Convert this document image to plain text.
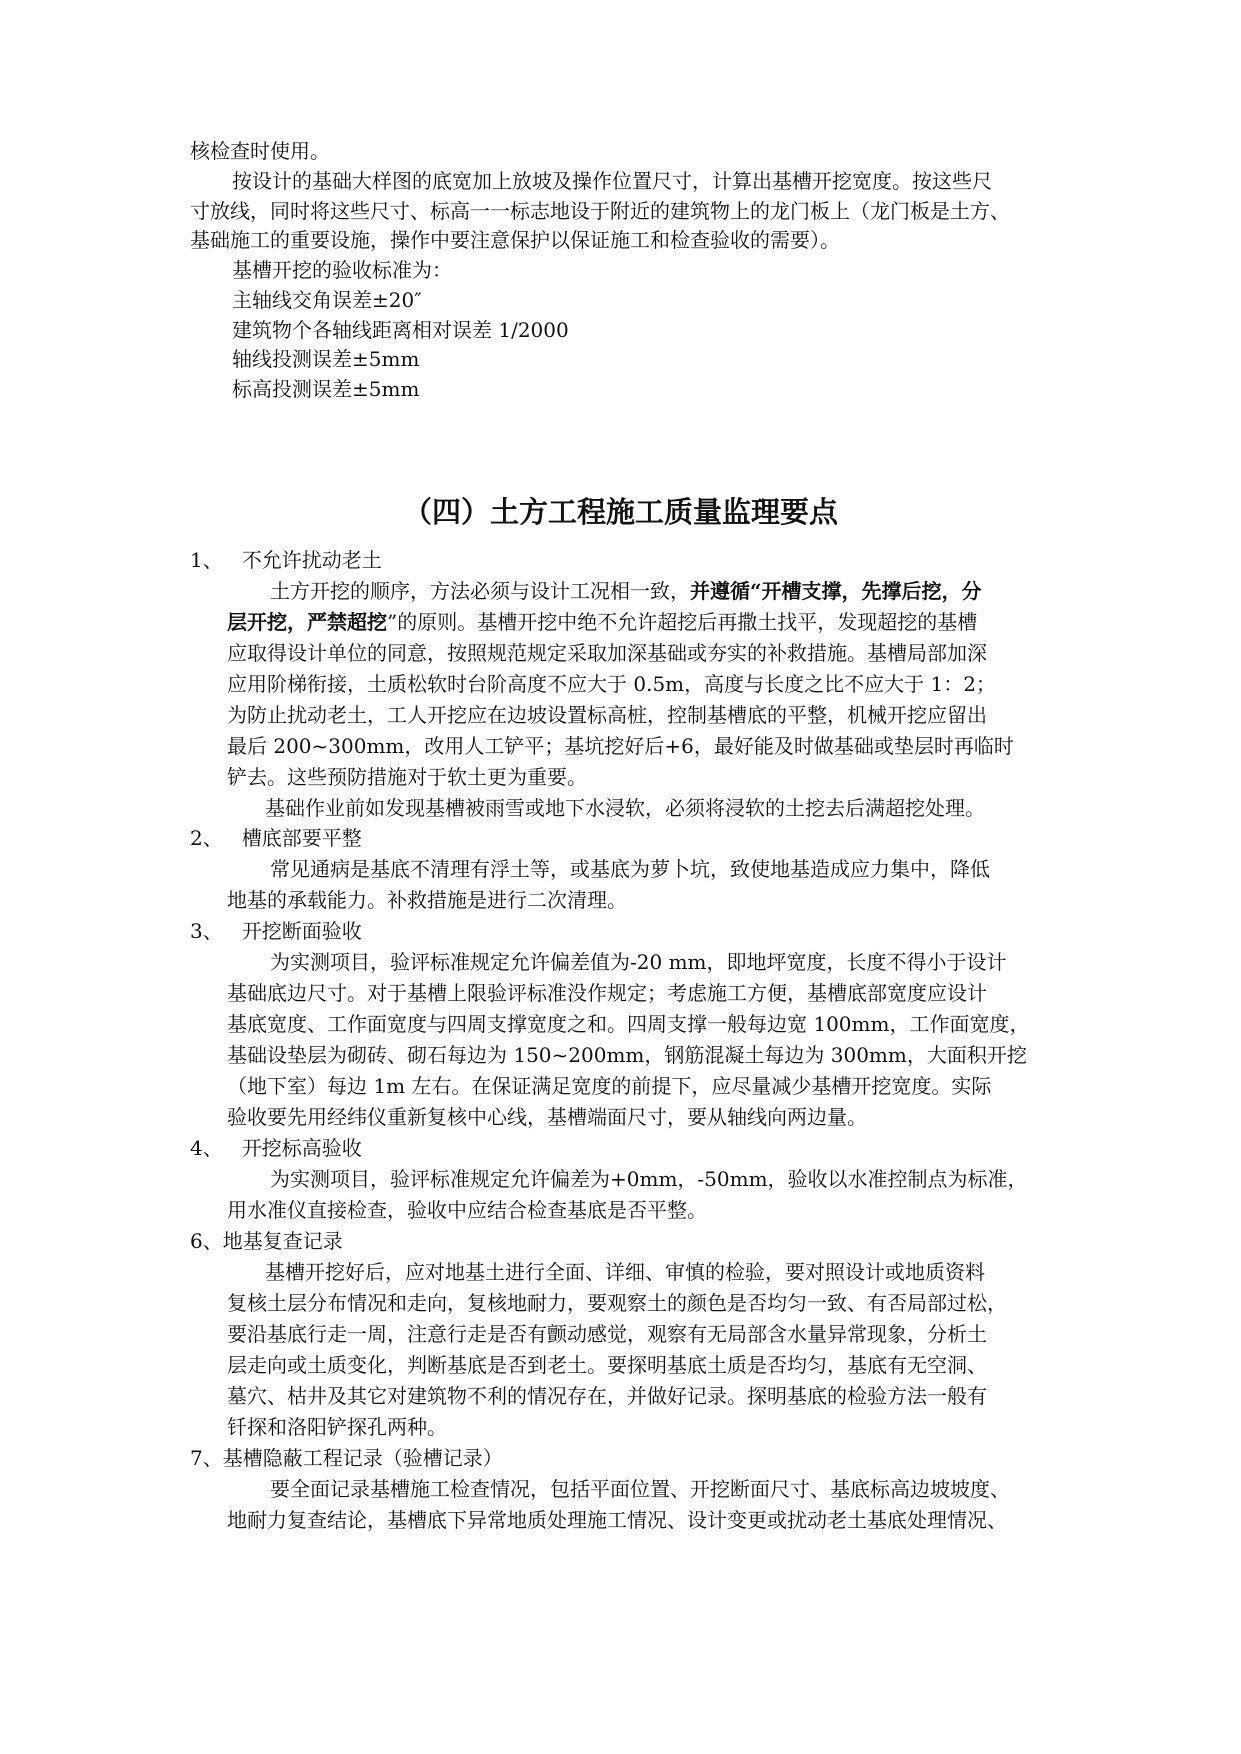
核检查时使用。
按设计的基础大样图的底宽加上放坡及操作位置尺寸，计算出基槽开挖宽度。按这些尺
寸放线，同时将这些尺寸、标高一一标志地设于附近的建筑物上的龙门板上（龙门板是土方、
基础施工的重要设施，操作中要注意保护以保证施工和检查验收的需要）。
基槽开挖的验收标准为：
主轴线交角误差±20″
建筑物个各轴线距离相对误差 1/2000
轴线投测误差±5mm
标高投测误差±5mm
（四）土方工程施工质量监理要点
1、 不允许扰动老土
土方开挖的顺序，方法必须与设计工况相一致，并遵循“开槽支撑，先撑后挖，分
层开挖，严禁超挖”的原则。基槽开挖中绝不允许超挖后再撒土找平，发现超挖的基槽
应取得设计单位的同意，按照规范规定采取加深基础或夯实的补救措施。基槽局部加深
应用阶梯衔接，土质松软时台阶高度不应大于 0.5m，高度与长度之比不应大于 1：2；
为防止扰动老土，工人开挖应在边坡设置标高桩，控制基槽底的平整，机械开挖应留出
最后 200~300mm，改用人工铲平；基坑挖好后+6，最好能及时做基础或垫层时再临时
铲去。这些预防措施对于软土更为重要。
基础作业前如发现基槽被雨雪或地下水浸软，必须将浸软的土挖去后满超挖处理。
2、 槽底部要平整
常见通病是基底不清理有浮土等，或基底为萝卜坑，致使地基造成应力集中，降低
地基的承载能力。补救措施是进行二次清理。
3、 开挖断面验收
为实测项目，验评标准规定允许偏差值为-20 mm，即地坪宽度，长度不得小于设计
基础底边尺寸。对于基槽上限验评标准没作规定；考虑施工方便，基槽底部宽度应设计
基底宽度、工作面宽度与四周支撑宽度之和。四周支撑一般每边宽 100mm，工作面宽度，
基础设垫层为砌砖、砌石每边为 150~200mm，钢筋混凝土每边为 300mm，大面积开挖
（地下室）每边 1m 左右。在保证满足宽度的前提下，应尽量减少基槽开挖宽度。实际
验收要先用经纬仪重新复核中心线，基槽端面尺寸，要从轴线向两边量。
4、 开挖标高验收
为实测项目，验评标准规定允许偏差为+0mm，-50mm，验收以水准控制点为标准，
用水准仪直接检查，验收中应结合检查基底是否平整。
6、地基复查记录
基槽开挖好后，应对地基土进行全面、详细、审慎的检验，要对照设计或地质资料
复核土层分布情况和走向，复核地耐力，要观察土的颜色是否均匀一致、有否局部过松，
要沿基底行走一周，注意行走是否有颤动感觉，观察有无局部含水量异常现象，分析土
层走向或土质变化，判断基底是否到老土。要探明基底土质是否均匀，基底有无空洞、
墓穴、枯井及其它对建筑物不利的情况存在，并做好记录。探明基底的检验方法一般有
钎探和洛阳铲探孔两种。
7、基槽隐蔽工程记录（验槽记录）
要全面记录基槽施工检查情况，包括平面位置、开挖断面尺寸、基底标高边坡坡度、
地耐力复查结论，基槽底下异常地质处理施工情况、设计变更或扰动老土基底处理情况、
